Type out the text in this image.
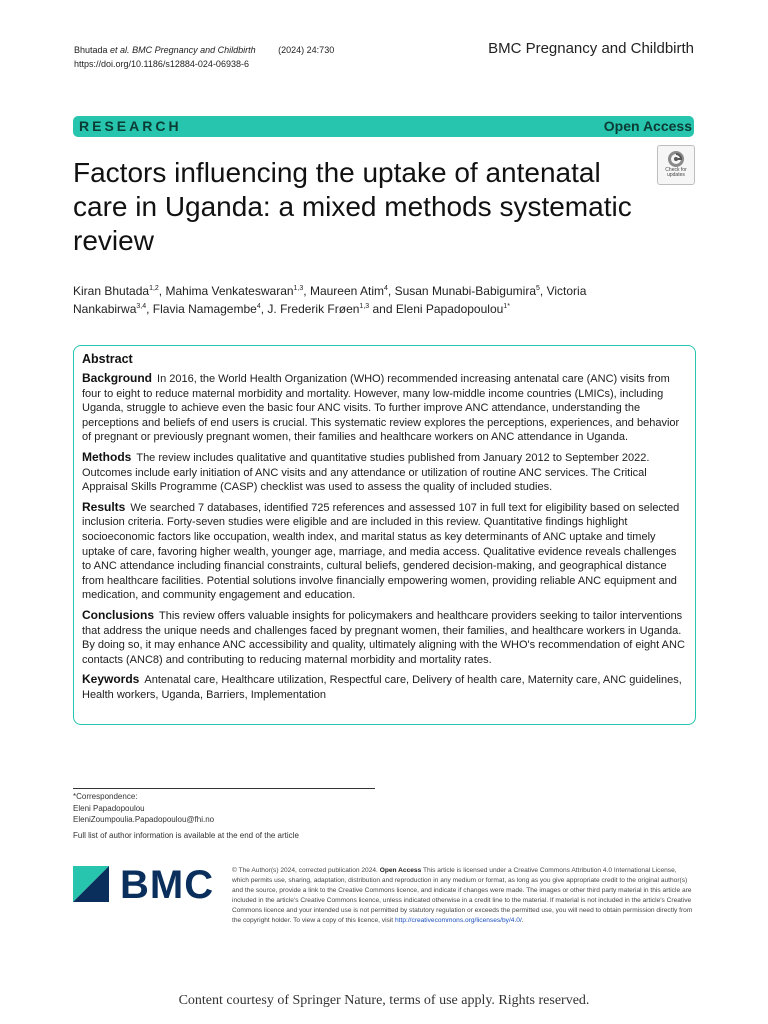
Bhutada et al. BMC Pregnancy and Childbirth	(2024) 24:730
https://doi.org/10.1186/s12884-024-06938-6
BMC Pregnancy and Childbirth
RESEARCH	Open Access
Factors influencing the uptake of antenatal care in Uganda: a mixed methods systematic review
Check for updates
Kiran Bhutada$^{1,2}$, Mahima Venkateswaran$^{1,3}$, Maureen Atim$^4$, Susan Munabi-Babigumira$^5$, Victoria Nankabirwa$^{3,4}$, Flavia Namagembe$^4$, J. Frederik Frøen$^{1,3}$ and Eleni Papadopoulou$^{1*}$
Abstract

Background In 2016, the World Health Organization (WHO) recommended increasing antenatal care (ANC) visits from four to eight to reduce maternal morbidity and mortality. However, many low-middle income countries (LMICs), including Uganda, struggle to achieve even the basic four ANC visits. To further improve ANC attendance, understanding the perceptions and beliefs of end users is crucial. This systematic review explores the perceptions, experiences, and behavior of pregnant or previously pregnant women, their families and healthcare workers on ANC attendance in Uganda.

Methods The review includes qualitative and quantitative studies published from January 2012 to September 2022. Outcomes include early initiation of ANC visits and any attendance or utilization of routine ANC services. The Critical Appraisal Skills Programme (CASP) checklist was used to assess the quality of included studies.

Results We searched 7 databases, identified 725 references and assessed 107 in full text for eligibility based on selected inclusion criteria. Forty-seven studies were eligible and are included in this review. Quantitative findings highlight socioeconomic factors like occupation, wealth index, and marital status as key determinants of ANC uptake and timely uptake of care, favoring higher wealth, younger age, marriage, and media access. Qualitative evidence reveals challenges to ANC attendance including financial constraints, cultural beliefs, gendered decision-making, and geographical distance from healthcare facilities. Potential solutions involve financially empowering women, providing reliable ANC equipment and medication, and community engagement and education.

Conclusions This review offers valuable insights for policymakers and healthcare providers seeking to tailor interventions that address the unique needs and challenges faced by pregnant women, their families, and healthcare workers in Uganda. By doing so, it may enhance ANC accessibility and quality, ultimately aligning with the WHO's recommendation of eight ANC contacts (ANC8) and contributing to reducing maternal morbidity and mortality rates.

Keywords Antenatal care, Healthcare utilization, Respectful care, Delivery of health care, Maternity care, ANC guidelines, Health workers, Uganda, Barriers, Implementation

*Correspondence:
Eleni Papadopoulou
EleniZoumpoulia.Papadopoulou@fhi.no
Full list of author information is available at the end of the article
BMC	© The Author(s) 2024, corrected publication 2024. Open Access This article is licensed under a Creative Commons Attribution 4.0 International License, which permits use, sharing, adaptation, distribution and reproduction in any medium or format, as long as you give appropriate credit to the original author(s) and the source, provide a link to the Creative Commons licence, and indicate if changes were made. The images or other third party material in this article are included in the article's Creative Commons licence, unless indicated otherwise in a credit line to the material. If material is not included in the article's Creative Commons licence and your intended use is not permitted by statutory regulation or exceeds the permitted use, you will need to obtain permission directly from the copyright holder. To view a copy of this licence, visit http://creativecommons.org/licenses/by/4.0/.
Content courtesy of Springer Nature, terms of use apply. Rights reserved.
